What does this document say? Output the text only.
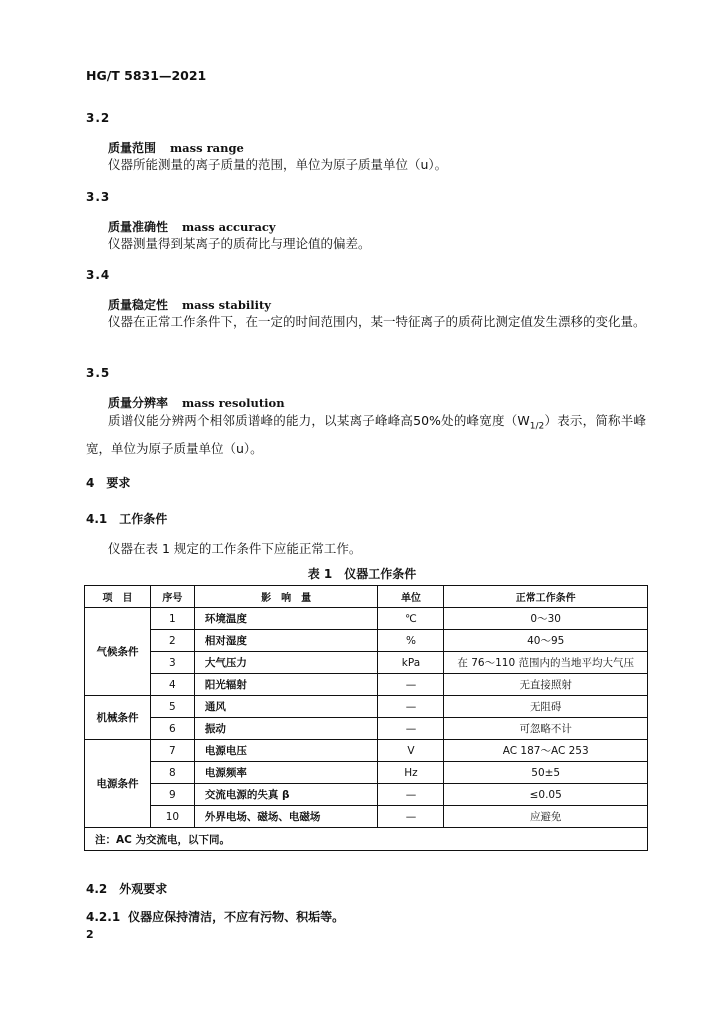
HG/T 5831—2021
3.2
质量范围 mass range
仪器所能测量的离子质量的范围，单位为原子质量单位（u）。
3.3
质量准确性 mass accuracy
仪器测量得到某离子的质荷比与理论值的偏差。
3.4
质量稳定性 mass stability
仪器在正常工作条件下，在一定的时间范围内，某一特征离子的质荷比测定值发生漂移的变化量。
3.5
质量分辨率 mass resolution
质谱仪能分辨两个相邻质谱峰的能力，以某离子峰峰高50%处的峰宽度$(W_{1/2})$表示，简称半峰宽，单位为原子质量单位（u）。
4 要求
4.1 工作条件
仪器在表 1 规定的工作条件下应能正常工作。
表 1　仪器工作条件
项　目	序号	影　响　量	单位	正常工作条件
气候条件	1	环境温度	℃	0～30
	2	相对湿度	%	40～95
	3	大气压力	kPa	在 76～110 范围内的当地平均大气压
	4	阳光辐射	—	无直接照射
机械条件	5	通风	—	无阻碍
	6	振动	—	可忽略不计
电源条件	7	电源电压	V	AC 187～AC 253
	8	电源频率	Hz	50±5
	9	交流电源的失真 β	—	≤0.05
	10	外界电场、磁场、电磁场	—	应避免
注：AC 为交流电，以下同。				
4.2 外观要求
4.2.1 仪器应保持清洁，不应有污物、积垢等。
2
